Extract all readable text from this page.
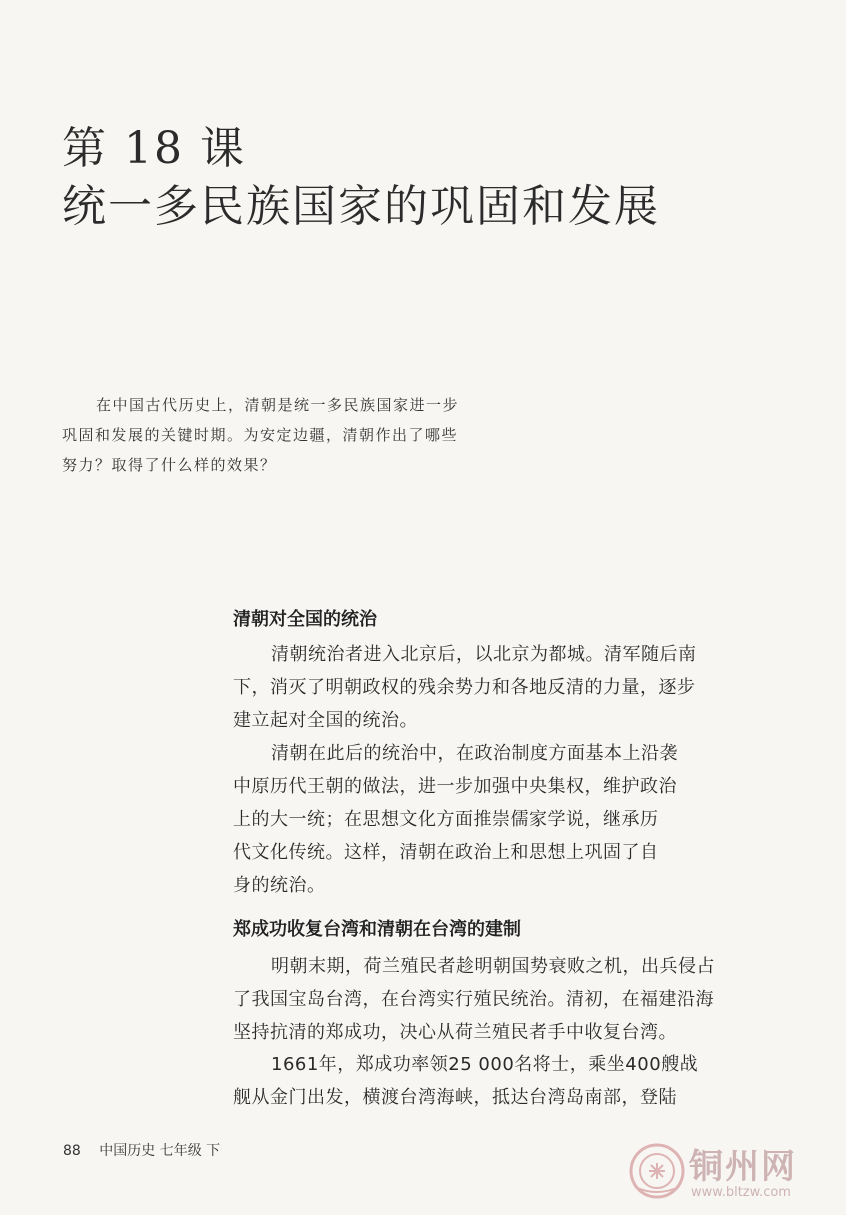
第 18 课
统一多民族国家的巩固和发展
在中国古代历史上，清朝是统一多民族国家进一步
巩固和发展的关键时期。为安定边疆，清朝作出了哪些
努力？取得了什么样的效果？
清朝对全国的统治
清朝统治者进入北京后，以北京为都城。清军随后南
下，消灭了明朝政权的残余势力和各地反清的力量，逐步
建立起对全国的统治。
清朝在此后的统治中，在政治制度方面基本上沿袭
中原历代王朝的做法，进一步加强中央集权，维护政治
上的大一统；在思想文化方面推崇儒家学说，继承历
代文化传统。这样，清朝在政治上和思想上巩固了自
身的统治。
郑成功收复台湾和清朝在台湾的建制
明朝末期，荷兰殖民者趁明朝国势衰败之机，出兵侵占
了我国宝岛台湾，在台湾实行殖民统治。清初，在福建沿海
坚持抗清的郑成功，决心从荷兰殖民者手中收复台湾。
1661年，郑成功率领25 000名将士，乘坐400艘战
舰从金门出发，横渡台湾海峡，抵达台湾岛南部，登陆
88 中国历史 七年级 下	铜州网
www.bltzw.com
